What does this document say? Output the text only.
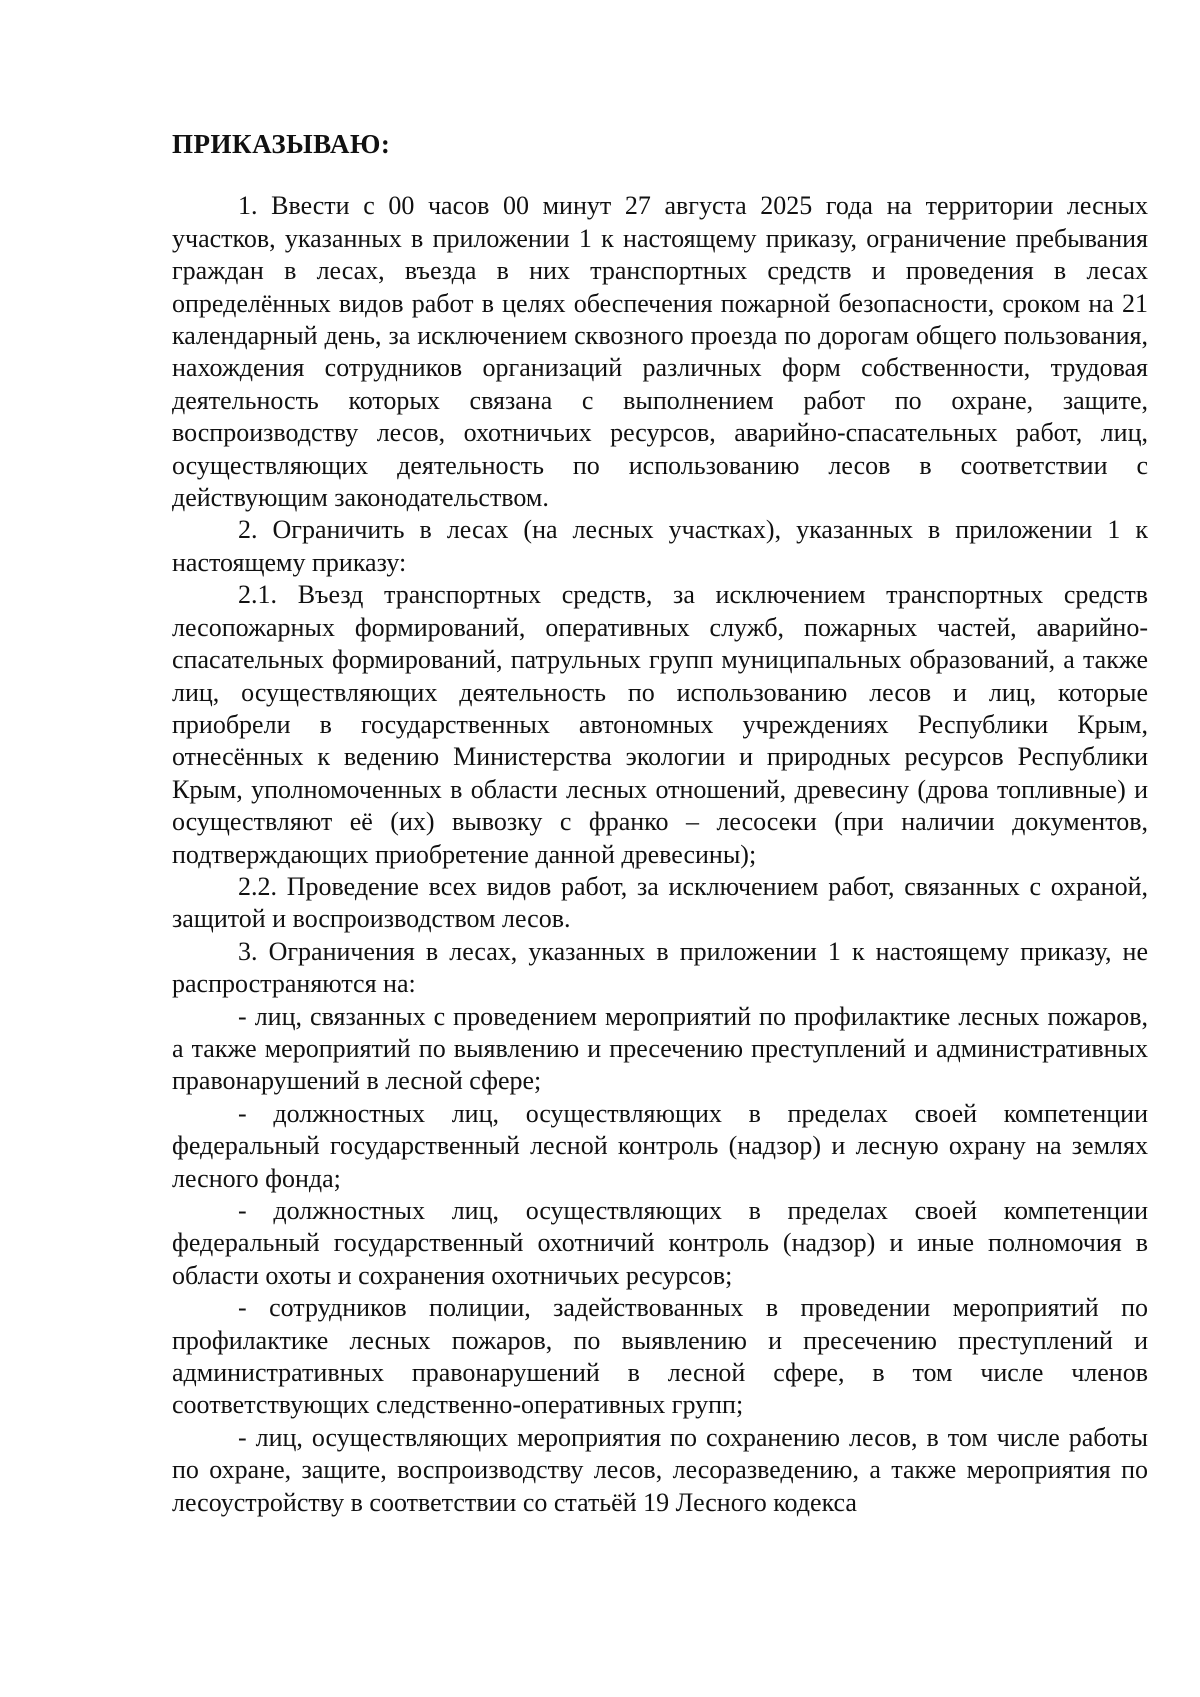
ПРИКАЗЫВАЮ:

1. Ввести с 00 часов 00 минут 27 августа 2025 года на территории лесных участков, указанных в приложении 1 к настоящему приказу, ограничение пребывания граждан в лесах, въезда в них транспортных средств и проведения в лесах определённых видов работ в целях обеспечения пожарной безопасности, сроком на 21 календарный день, за исключением сквозного проезда по дорогам общего пользования, нахождения сотрудников организаций различных форм собственности, трудовая деятельность которых связана с выполнением работ по охране, защите, воспроизводству лесов, охотничьих ресурсов, аварийно-спасательных работ, лиц, осуществляющих деятельность по использованию лесов в соответствии с действующим законодательством.

2. Ограничить в лесах (на лесных участках), указанных в приложении 1 к настоящему приказу:

2.1. Въезд транспортных средств, за исключением транспортных средств лесопожарных формирований, оперативных служб, пожарных частей, аварийно-спасательных формирований, патрульных групп муниципальных образований, а также лиц, осуществляющих деятельность по использованию лесов и лиц, которые приобрели в государственных автономных учреждениях Республики Крым, отнесённых к ведению Министерства экологии и природных ресурсов Республики Крым, уполномоченных в области лесных отношений, древесину (дрова топливные) и осуществляют её (их) вывозку с франко – лесосеки (при наличии документов, подтверждающих приобретение данной древесины);

2.2. Проведение всех видов работ, за исключением работ, связанных с охраной, защитой и воспроизводством лесов.

3. Ограничения в лесах, указанных в приложении 1 к настоящему приказу, не распространяются на:

- лиц, связанных с проведением мероприятий по профилактике лесных пожаров, а также мероприятий по выявлению и пресечению преступлений и административных правонарушений в лесной сфере;

- должностных лиц, осуществляющих в пределах своей компетенции федеральный государственный лесной контроль (надзор) и лесную охрану на землях лесного фонда;

- должностных лиц, осуществляющих в пределах своей компетенции федеральный государственный охотничий контроль (надзор) и иные полномочия в области охоты и сохранения охотничьих ресурсов;

- сотрудников полиции, задействованных в проведении мероприятий по профилактике лесных пожаров, по выявлению и пресечению преступлений и административных правонарушений в лесной сфере, в том числе членов соответствующих следственно-оперативных групп;

- лиц, осуществляющих мероприятия по сохранению лесов, в том числе работы по охране, защите, воспроизводству лесов, лесоразведению, а также мероприятия по лесоустройству в соответствии со статьёй 19 Лесного кодекса
